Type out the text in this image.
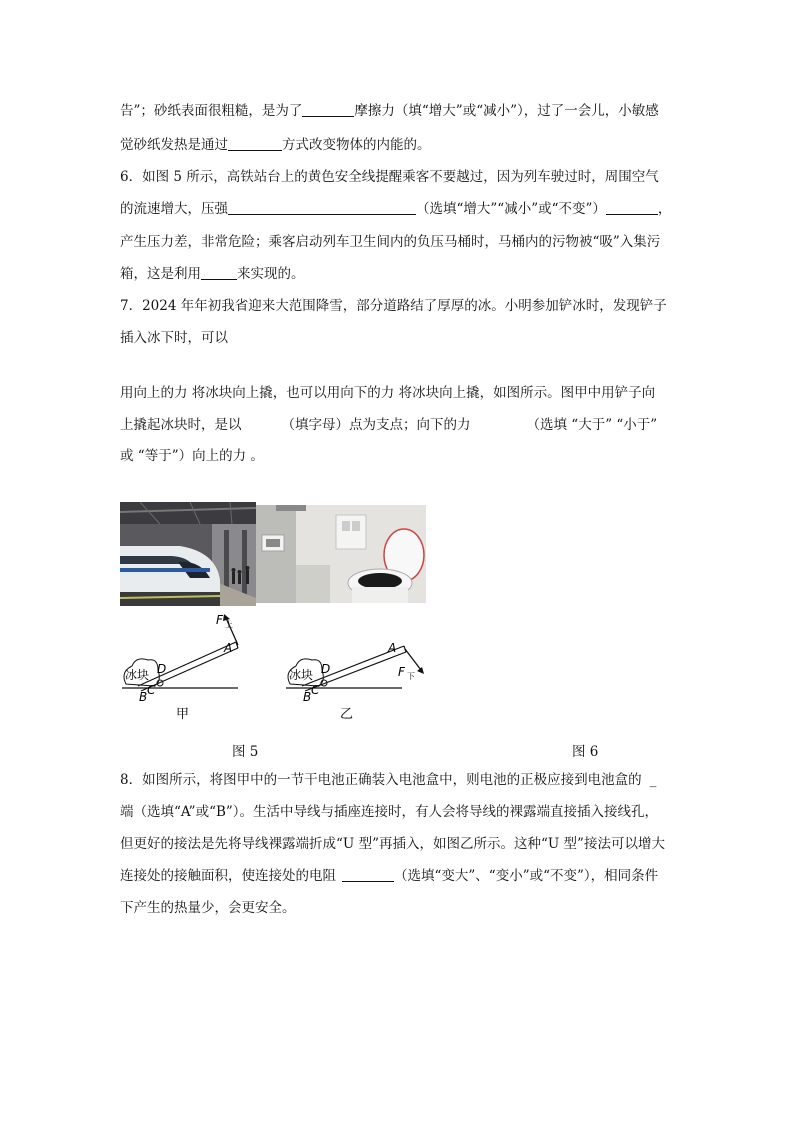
告”；砂纸表面很粗糙，是为了	摩擦力（填“增大”或“减小”），过了一会儿，小敏感
觉砂纸发热是通过	方式改变物体的内能的。
6．如图 5 所示，高铁站台上的黄色安全线提醒乘客不要越过，因为列车驶过时，周围空气
的流速增大，压强	（选填“增大”“减小”或“不变”）	，
产生压力差，非常危险；乘客启动列车卫生间内的负压马桶时，马桶内的污物被“吸”入集污
箱，这是利用	来实现的。
7．2024 年年初我省迎来大范围降雪，部分道路结了厚厚的冰。小明参加铲冰时，发现铲子
插入冰下时，可以
用向上的力 将冰块向上撬，也可以用向下的力 将冰块向上撬，如图所示。图甲中用铲子向
上撬起冰块时，是以	（填字母）点为支点；向下的力	（选填 “大于” “小于”
或 “等于”）向上的力 。
冰块 D
A
B C
F 上
甲
冰块 D
A
B C
F 下
乙
图 5	图 6
8．如图所示，将图甲中的一节干电池正确装入电池盒中，则电池的正极应接到电池盒的 _
端（选填“A”或“B”）。生活中导线与插座连接时，有人会将导线的裸露端直接插入接线孔，
但更好的接法是先将导线裸露端折成“U 型”再插入，如图乙所示。这种“U 型”接法可以增大
连接处的接触面积，使连接处的电阻	（选填“变大”、“变小”或“不变”），相同条件
下产生的热量少，会更安全。
